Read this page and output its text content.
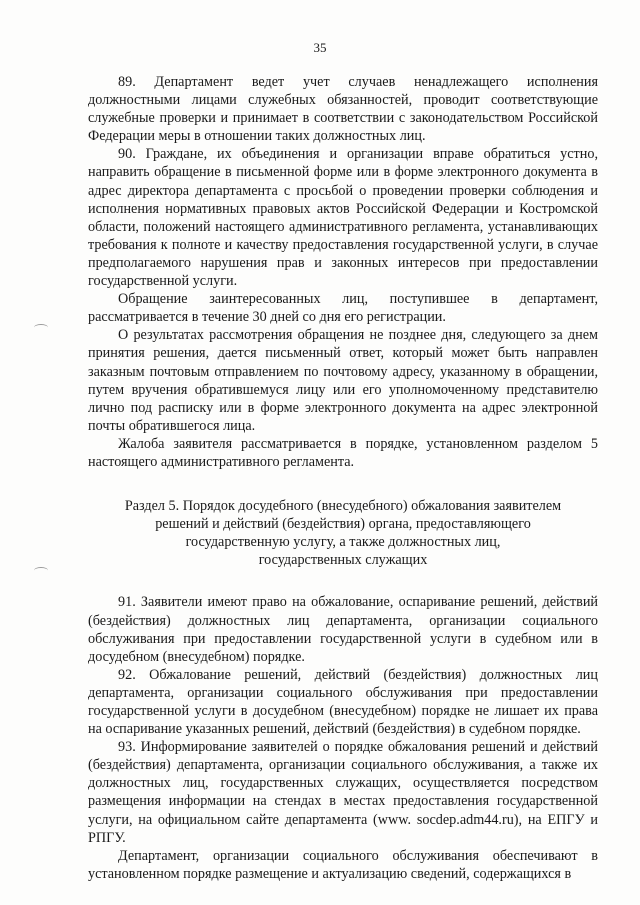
35

89. Департамент ведет учет случаев ненадлежащего исполнения должностными лицами служебных обязанностей, проводит соответствующие служебные проверки и принимает в соответствии с законодательством Российской Федерации меры в отношении таких должностных лиц.

90. Граждане, их объединения и организации вправе обратиться устно, направить обращение в письменной форме или в форме электронного документа в адрес директора департамента с просьбой о проведении проверки соблюдения и исполнения нормативных правовых актов Российской Федерации и Костромской области, положений настоящего административного регламента, устанавливающих требования к полноте и качеству предоставления государственной услуги, в случае предполагаемого нарушения прав и законных интересов при предоставлении государственной услуги.

Обращение заинтересованных лиц, поступившее в департамент, рассматривается в течение 30 дней со дня его регистрации.

О результатах рассмотрения обращения не позднее дня, следующего за днем принятия решения, дается письменный ответ, который может быть направлен заказным почтовым отправлением по почтовому адресу, указанному в обращении, путем вручения обратившемуся лицу или его уполномоченному представителю лично под расписку или в форме электронного документа на адрес электронной почты обратившегося лица.

Жалоба заявителя рассматривается в порядке, установленном разделом 5 настоящего административного регламента.

Раздел 5. Порядок досудебного (внесудебного) обжалования заявителем
решений и действий (бездействия) органа, предоставляющего
государственную услугу, а также должностных лиц,
государственных служащих

91. Заявители имеют право на обжалование, оспаривание решений, действий (бездействия) должностных лиц департамента, организации социального обслуживания при предоставлении государственной услуги в судебном или в досудебном (внесудебном) порядке.

92. Обжалование решений, действий (бездействия) должностных лиц департамента, организации социального обслуживания при предоставлении государственной услуги в досудебном (внесудебном) порядке не лишает их права на оспаривание указанных решений, действий (бездействия) в судебном порядке.

93. Информирование заявителей о порядке обжалования решений и действий (бездействия) департамента, организации социального обслуживания, а также их должностных лиц, государственных служащих, осуществляется посредством размещения информации на стендах в местах предоставления государственной услуги, на официальном сайте департамента (www. socdep.adm44.ru), на ЕПГУ и РПГУ.

Департамент, организации социального обслуживания обеспечивают в установленном порядке размещение и актуализацию сведений, содержащихся в
